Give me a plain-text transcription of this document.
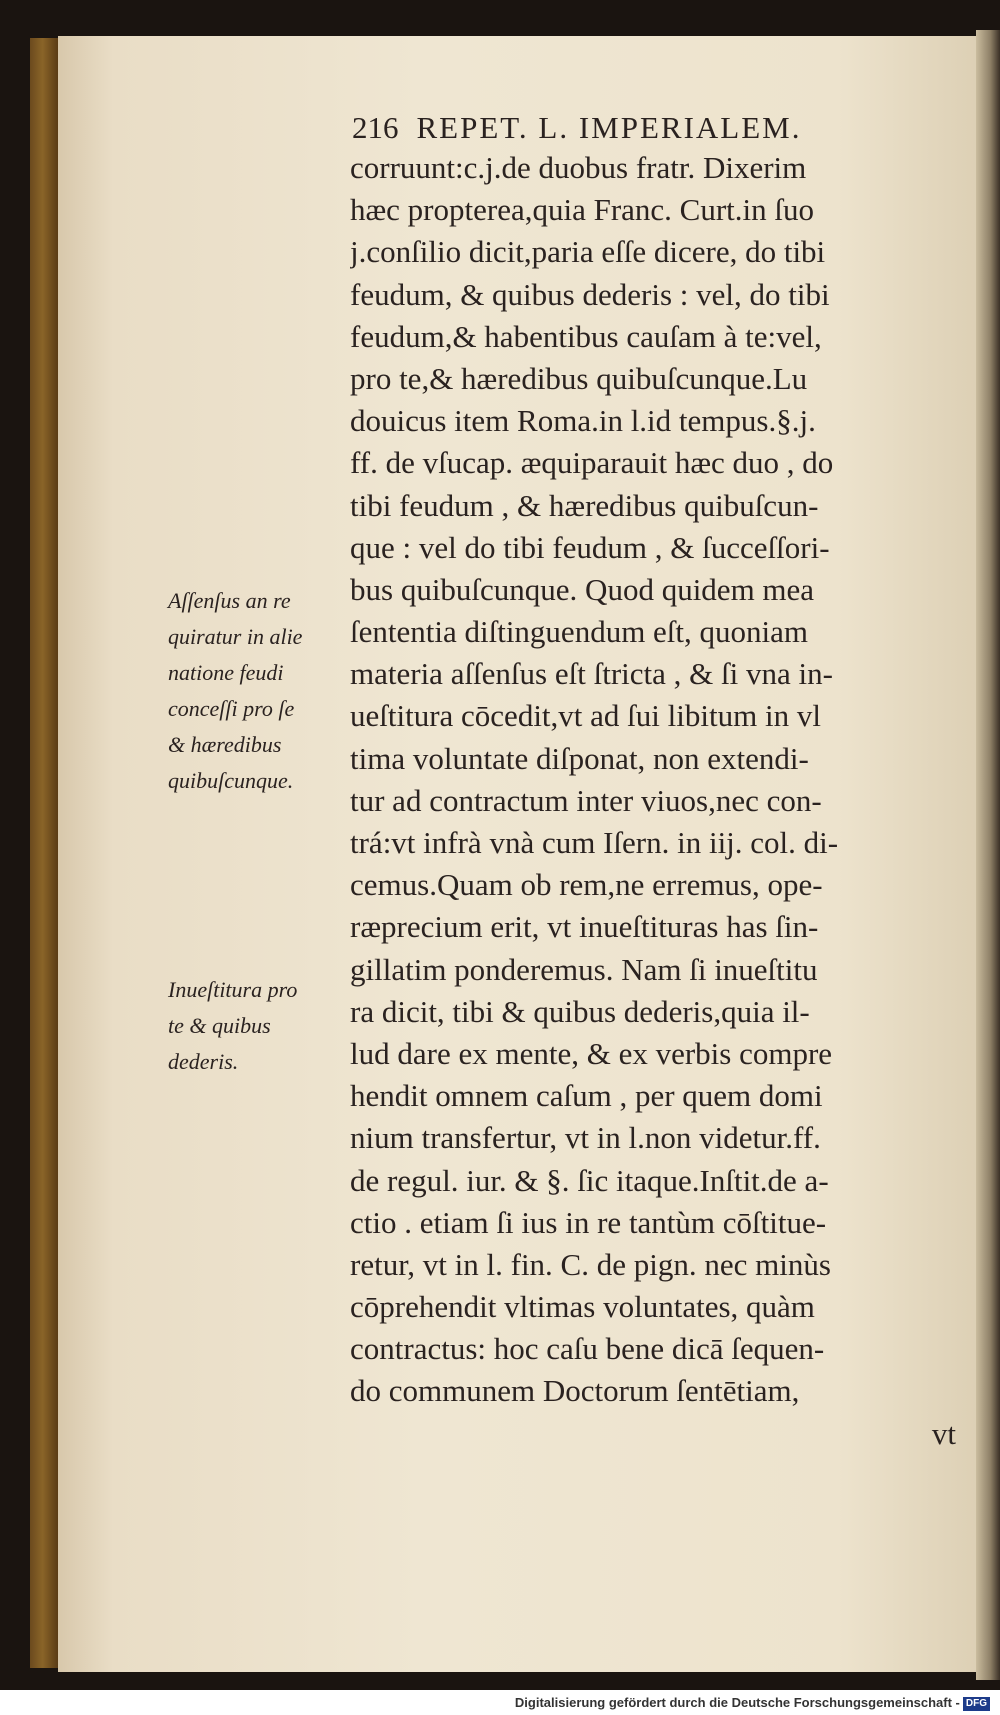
216 REPET. L. IMPERIALEM.
corruunt:c.j.de duobus fratr. Dixerim
hæc propterea,quia Franc. Curt.in ſuo
j.conſilio dicit,paria eſſe dicere, do tibi
feudum, & quibus dederis : vel, do tibi
feudum,& habentibus cauſam à te:vel,
pro te,& hæredibus quibuſcunque.Lu
douicus item Roma.in l.id tempus.§.j.
ff. de vſucap. æquiparauit hæc duo , do
tibi feudum , & hæredibus quibuſcun-
que : vel do tibi feudum , & ſucceſſori-
bus quibuſcunque. Quod quidem mea
ſententia diſtinguendum eſt, quoniam
materia aſſenſus eſt ſtricta , & ſi vna in-
ueſtitura cōcedit,vt ad ſui libitum in vl
tima voluntate diſponat, non extendi-
tur ad contractum inter viuos,nec con-
trá:vt infrà vnà cum Iſern. in iij. col. di-
cemus.Quam ob rem,ne erremus, ope-
ræprecium erit, vt inueſtituras has ſin-
gillatim ponderemus. Nam ſi inueſtitu
ra dicit, tibi & quibus dederis,quia il-
lud dare ex mente, & ex verbis compre
hendit omnem caſum , per quem domi
nium transfertur, vt in l.non videtur.ff.
de regul. iur. & §. ſic itaque.Inſtit.de a-
ctio . etiam ſi ius in re tantùm cōſtitue-
retur, vt in l. fin. C. de pign. nec minùs
cōprehendit vltimas voluntates, quàm
contractus: hoc caſu bene dicā ſequen-
do communem Doctorum ſentētiam,
vt
Aſſenſus an re
quiratur in alie
natione feudi
conceſſi pro ſe
& hæredibus
quibuſcunque.
Inueſtitura pro
te & quibus
dederis.
Digitalisierung gefördert durch die Deutsche Forschungsgemeinschaft - DFG
